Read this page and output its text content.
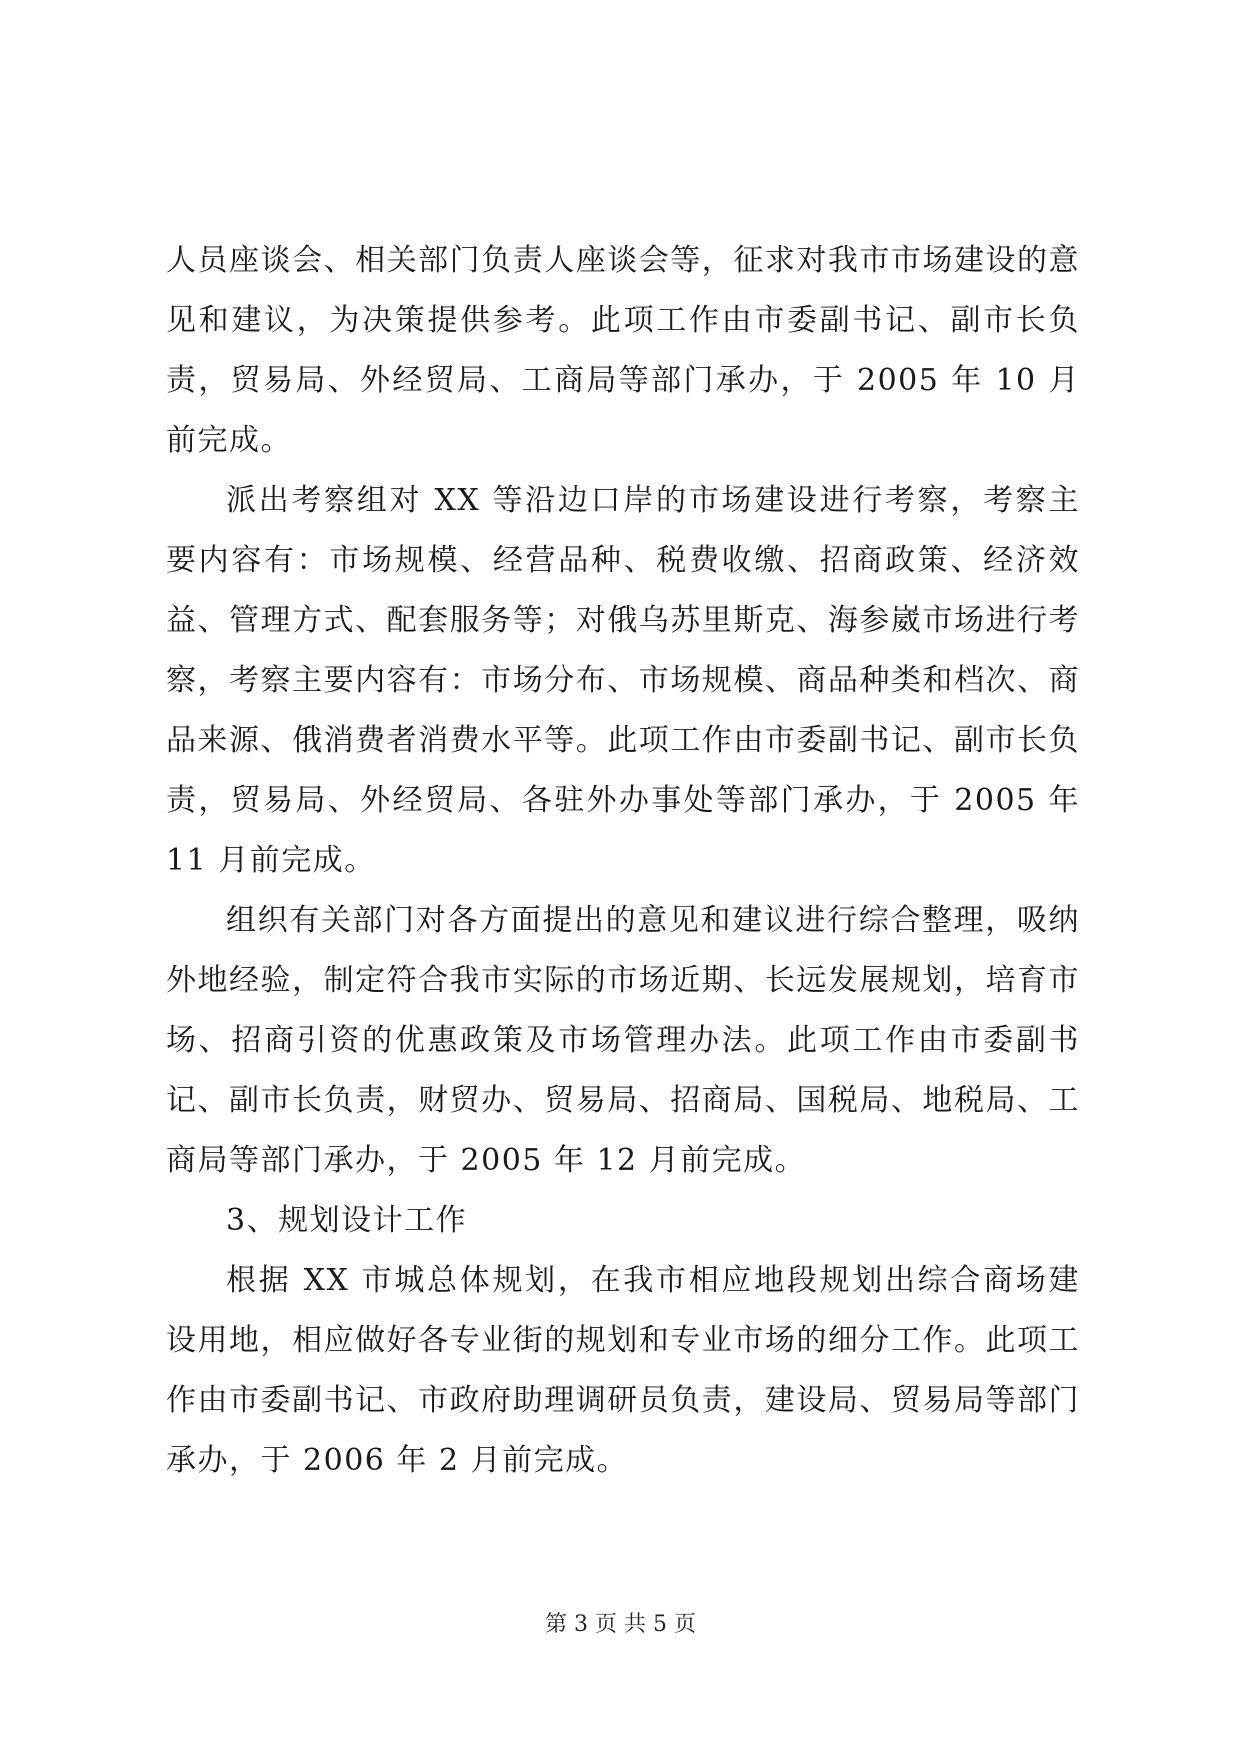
人员座谈会、相关部门负责人座谈会等，征求对我市市场建设的意见和建议，为决策提供参考。此项工作由市委副书记、副市长负责，贸易局、外经贸局、工商局等部门承办，于 2005 年 10 月前完成。

派出考察组对 XX 等沿边口岸的市场建设进行考察，考察主要内容有：市场规模、经营品种、税费收缴、招商政策、经济效益、管理方式、配套服务等；对俄乌苏里斯克、海参崴市场进行考察，考察主要内容有：市场分布、市场规模、商品种类和档次、商品来源、俄消费者消费水平等。此项工作由市委副书记、副市长负责，贸易局、外经贸局、各驻外办事处等部门承办，于 2005 年 11 月前完成。

组织有关部门对各方面提出的意见和建议进行综合整理，吸纳外地经验，制定符合我市实际的市场近期、长远发展规划，培育市场、招商引资的优惠政策及市场管理办法。此项工作由市委副书记、副市长负责，财贸办、贸易局、招商局、国税局、地税局、工商局等部门承办，于 2005 年 12 月前完成。

3、规划设计工作

根据 XX 市城总体规划，在我市相应地段规划出综合商场建设用地，相应做好各专业街的规划和专业市场的细分工作。此项工作由市委副书记、市政府助理调研员负责，建设局、贸易局等部门承办，于 2006 年 2 月前完成。

第 3 页 共 5 页
